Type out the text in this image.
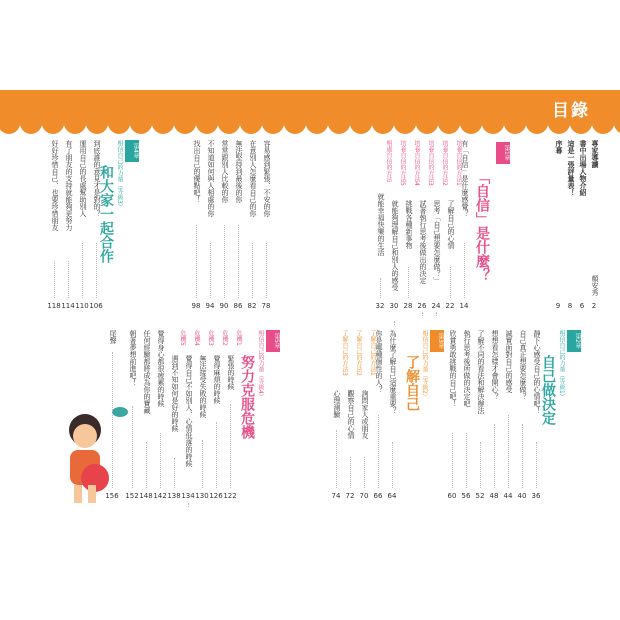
目錄
第1章
「自信」是什麼？
第2章
相信自己的力量（等級1）
自己做決定
第3章
相信自己的力量（等級2）
了解自己
第4章
相信自己的力量（等級3）
和大家一起合作
第5章
相信自己的力量（等級4）
努力克服危機
專家導讀
顏安秀
2
書中出場人物介紹
6
這是一張評量表！
8
序幕
9
有「自信」是什麼感覺？
14
培養自信的方法1
了解自己的心情
22
培養自信的方法2
思考「自己想要怎麼做？」
24
培養自信的方法3
試著執行思考後做出的決定
26
培養自信的方法4
挑戰各種新事物
28
培養自信的方法5
就能夠理解自己和別人的感受
30
相處自信的方法
就能幸福快樂的生活
32
靜下心感受自己的心情吧！
36
自己真正想要怎麼做？
40
誠實面對自己的感受
44
想想看怎樣才會開心？
48
了解不同的看法和解決辦法
52
執行思考後所做的決定吧
56
欣賞勇敢挑戰的自己吧！
60
為什麼了解自己這麼重要？
64
你是哪種個性的人？
66
了解自己的方法1
詢問家人或朋友
70
了解自己的方法2
觀察自己的心情
72
了解自己的方法3
心理測驗
74
容易感到緊張、不安的你
78
在意別人怎麼看自己的你
82
無法堅持到最後的你
86
常常跟別人比較的你
90
不知道如何與人相處的你
94
找出自己的優點吧！
98
到底誰的意見才是對的？
106
運用自己的長處幫助別人
110
有了朋友的支持就能夠更努力
114
好好珍惜自己、也要珍惜朋友
118
危機1
緊張的時候
122
危機2
覺得麻煩的時候
126
危機3
無法接受失敗的時候
130
危機4
覺得自己不如別人、心情低落的時候
134
危機5
遇到不知如何是好的時候
138
覺得身心都很疲累的時候
142
任何經驗都將成為你的寶藏
148
朝著夢想前進吧！
152
尾聲
156
